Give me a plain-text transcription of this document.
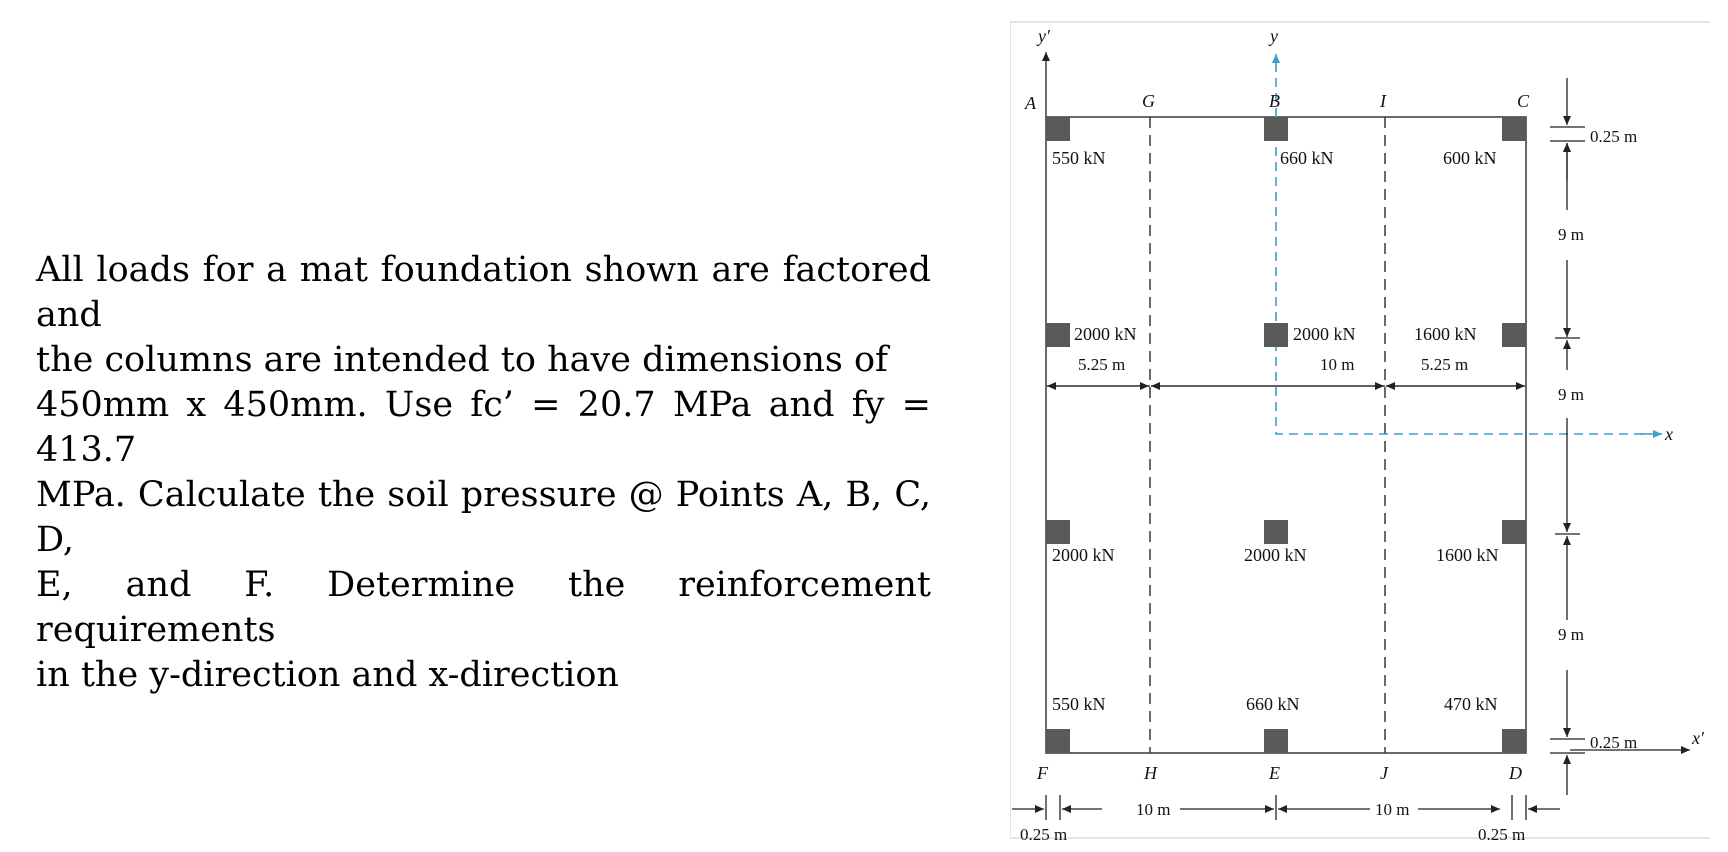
All loads for a mat foundation shown are factored and
the columns are intended to have dimensions of
450mm x 450mm. Use fc’ = 20.7 MPa and fy = 413.7
MPa. Calculate the soil pressure @ Points A, B, C, D,
E, and F. Determine the reinforcement requirements
in the y-direction and x-direction
y′	y
x
x′
A	G	B	I	C
F	H	E	J	D
550 kN	660 kN	600 kN
2000 kN	2000 kN	1600 kN
2000 kN	2000 kN	1600 kN
550 kN	660 kN	470 kN
5.25 m	10 m	5.25 m
0.25 m
9 m
9 m
9 m
0.25 m
0.25 m
10 m	10 m
0.25 m
